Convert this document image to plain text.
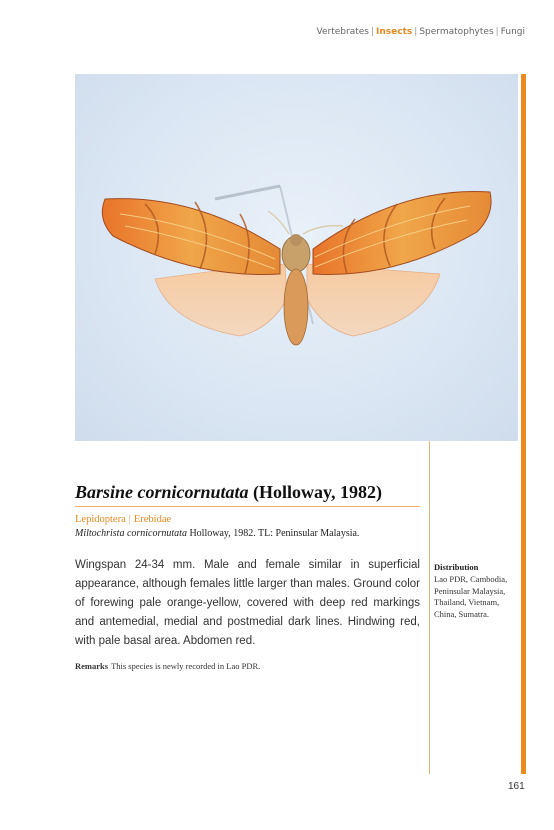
Vertebrates | Insects | Spermatophytes | Fungi
Barsine cornicornutata (Holloway, 1982)
Lepidoptera | Erebidae
Miltochrista cornicornutata Holloway, 1982. TL: Peninsular Malaysia.

Wingspan 24-34 mm. Male and female similar in superficial appearance, although females little larger than males. Ground color of forewing pale orange-yellow, covered with deep red markings and antemedial, medial and postmedial dark lines. Hindwing red, with pale basal area. Abdomen red.

Distribution

Lao PDR, Cambodia, Peninsular Malaysia, Thailand, Vietnam, China, Sumatra.

Remarks This species is newly recorded in Lao PDR.
161
